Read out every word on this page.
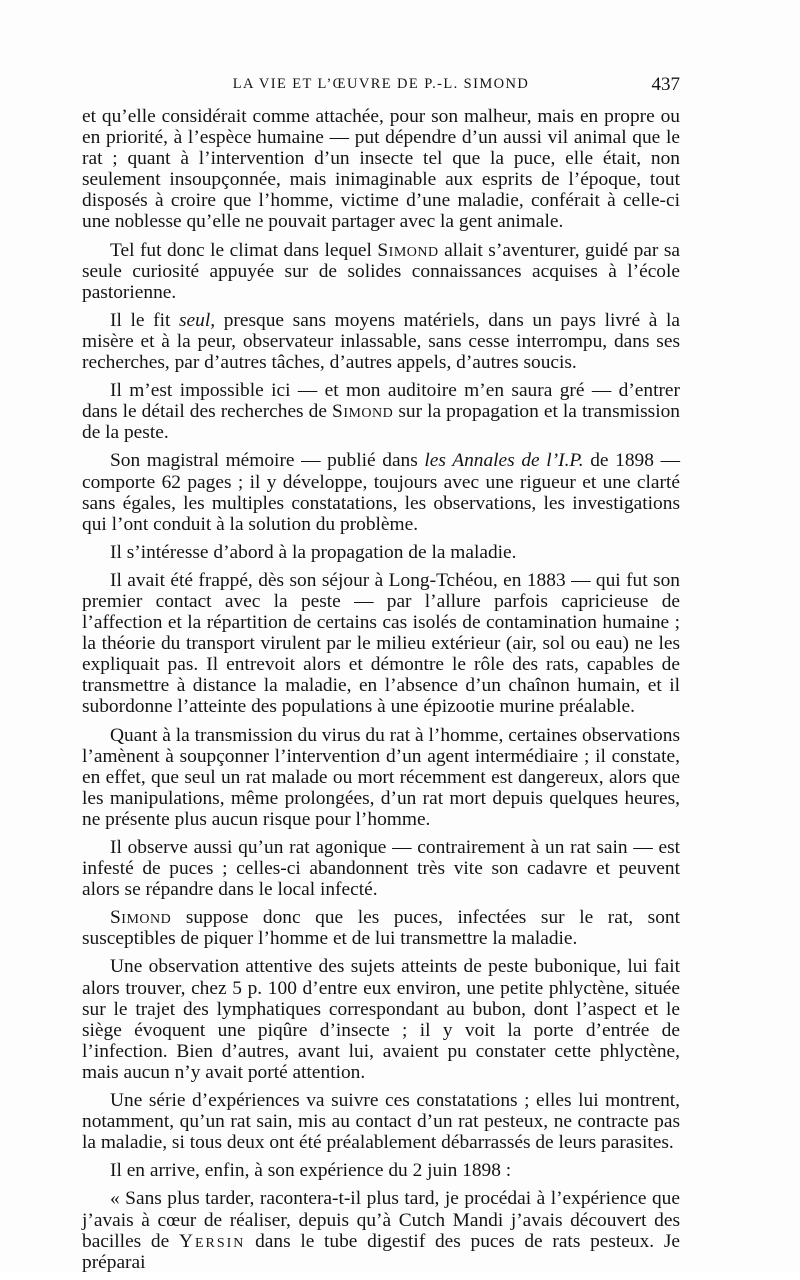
LA VIE ET L’ŒUVRE DE P.-L. SIMOND	437

et qu’elle considérait comme attachée, pour son malheur, mais en propre ou en priorité, à l’espèce humaine — put dépendre d’un aussi vil animal que le rat ; quant à l’intervention d’un insecte tel que la puce, elle était, non seulement insoupçonnée, mais inimaginable aux esprits de l’époque, tout disposés à croire que l’homme, victime d’une maladie, conférait à celle-ci une noblesse qu’elle ne pouvait partager avec la gent animale.

Tel fut donc le climat dans lequel Simond allait s’aventurer, guidé par sa seule curiosité appuyée sur de solides connaissances acquises à l’école pastorienne.

Il le fit seul, presque sans moyens matériels, dans un pays livré à la misère et à la peur, observateur inlassable, sans cesse interrompu, dans ses recherches, par d’autres tâches, d’autres appels, d’autres soucis.

Il m’est impossible ici — et mon auditoire m’en saura gré — d’entrer dans le détail des recherches de Simond sur la propagation et la transmission de la peste.

Son magistral mémoire — publié dans les Annales de l’I.P. de 1898 — comporte 62 pages ; il y développe, toujours avec une rigueur et une clarté sans égales, les multiples constatations, les observations, les investigations qui l’ont conduit à la solution du problème.

Il s’intéresse d’abord à la propagation de la maladie.

Il avait été frappé, dès son séjour à Long-Tchéou, en 1883 — qui fut son premier contact avec la peste — par l’allure parfois capricieuse de l’affection et la répartition de certains cas isolés de contamination humaine ; la théorie du transport virulent par le milieu extérieur (air, sol ou eau) ne les expliquait pas. Il entrevoit alors et démontre le rôle des rats, capables de transmettre à distance la maladie, en l’absence d’un chaînon humain, et il subordonne l’atteinte des populations à une épizootie murine préalable.

Quant à la transmission du virus du rat à l’homme, certaines observations l’amènent à soupçonner l’intervention d’un agent intermédiaire ; il constate, en effet, que seul un rat malade ou mort récemment est dangereux, alors que les manipulations, même prolongées, d’un rat mort depuis quelques heures, ne présente plus aucun risque pour l’homme.

Il observe aussi qu’un rat agonique — contrairement à un rat sain — est infesté de puces ; celles-ci abandonnent très vite son cadavre et peuvent alors se répandre dans le local infecté.

Simond suppose donc que les puces, infectées sur le rat, sont susceptibles de piquer l’homme et de lui transmettre la maladie.

Une observation attentive des sujets atteints de peste bubonique, lui fait alors trouver, chez 5 p. 100 d’entre eux environ, une petite phlyctène, située sur le trajet des lymphatiques correspondant au bubon, dont l’aspect et le siège évoquent une piqûre d’insecte ; il y voit la porte d’entrée de l’infection. Bien d’autres, avant lui, avaient pu constater cette phlyctène, mais aucun n’y avait porté attention.

Une série d’expériences va suivre ces constatations ; elles lui montrent, notamment, qu’un rat sain, mis au contact d’un rat pesteux, ne contracte pas la maladie, si tous deux ont été préalablement débarrassés de leurs parasites.

Il en arrive, enfin, à son expérience du 2 juin 1898 :

« Sans plus tarder, racontera-t-il plus tard, je procédai à l’expérience que j’avais à cœur de réaliser, depuis qu’à Cutch Mandi j’avais découvert des bacilles de Yersin dans le tube digestif des puces de rats pesteux. Je préparai
